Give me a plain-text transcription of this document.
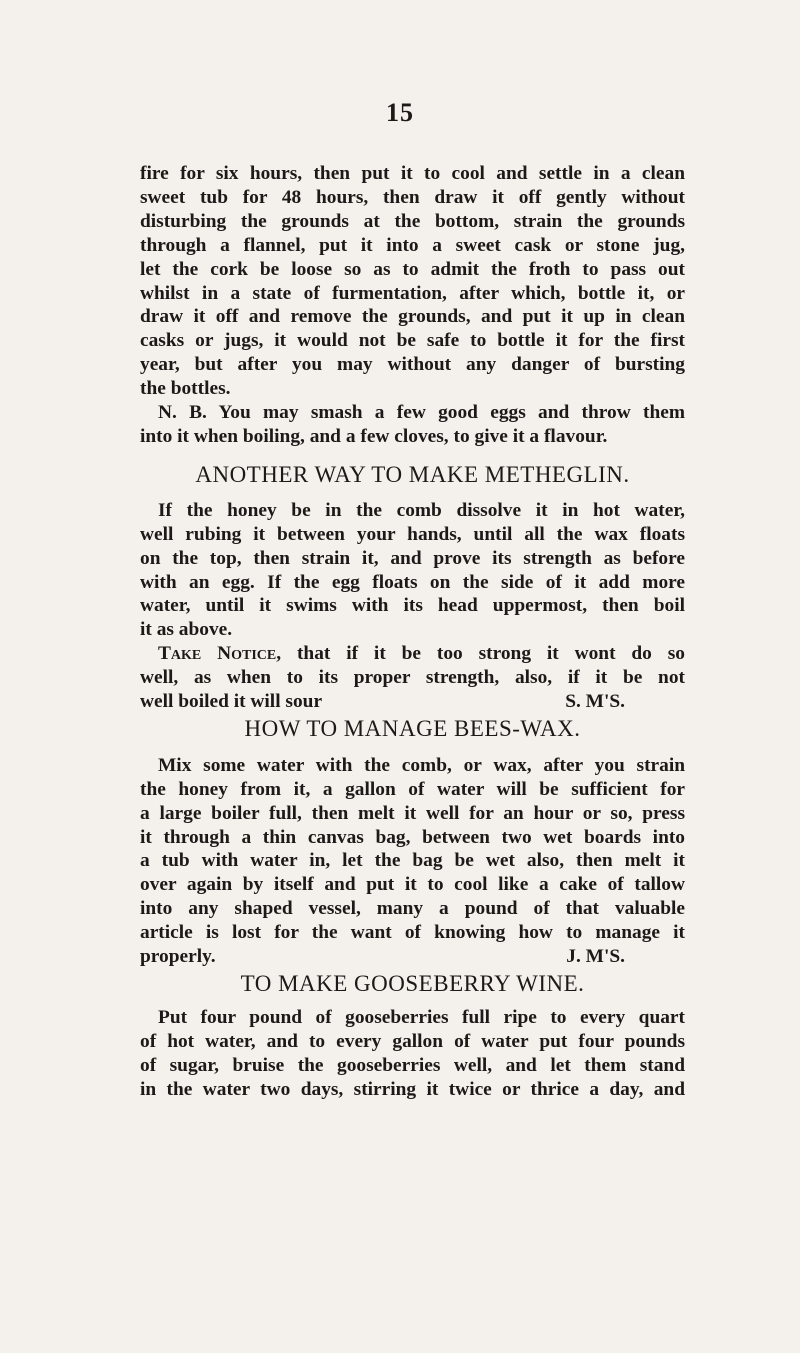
15
fire for six hours, then put it to cool and settle in a clean
sweet tub for 48 hours, then draw it off gently without
disturbing the grounds at the bottom, strain the grounds
through a flannel, put it into a sweet cask or stone jug,
let the cork be loose so as to admit the froth to pass out
whilst in a state of furmentation, after which, bottle it, or
draw it off and remove the grounds, and put it up in clean
casks or jugs, it would not be safe to bottle it for the first
year, but after you may without any danger of bursting
the bottles.
N. B. You may smash a few good eggs and throw them
into it when boiling, and a few cloves, to give it a flavour.
ANOTHER WAY TO MAKE METHEGLIN.
If the honey be in the comb dissolve it in hot water,
well rubing it between your hands, until all the wax floats
on the top, then strain it, and prove its strength as before
with an egg. If the egg floats on the side of it add more
water, until it swims with its head uppermost, then boil
it as above.
Take Notice, that if it be too strong it wont do so
well, as when to its proper strength, also, if it be not
well boiled it will sour	S. M'S.
HOW TO MANAGE BEES-WAX.
Mix some water with the comb, or wax, after you strain
the honey from it, a gallon of water will be sufficient for
a large boiler full, then melt it well for an hour or so, press
it through a thin canvas bag, between two wet boards into
a tub with water in, let the bag be wet also, then melt it
over again by itself and put it to cool like a cake of tallow
into any shaped vessel, many a pound of that valuable
article is lost for the want of knowing how to manage it
properly.	J. M'S.
TO MAKE GOOSEBERRY WINE.
Put four pound of gooseberries full ripe to every quart
of hot water, and to every gallon of water put four pounds
of sugar, bruise the gooseberries well, and let them stand
in the water two days, stirring it twice or thrice a day, and
